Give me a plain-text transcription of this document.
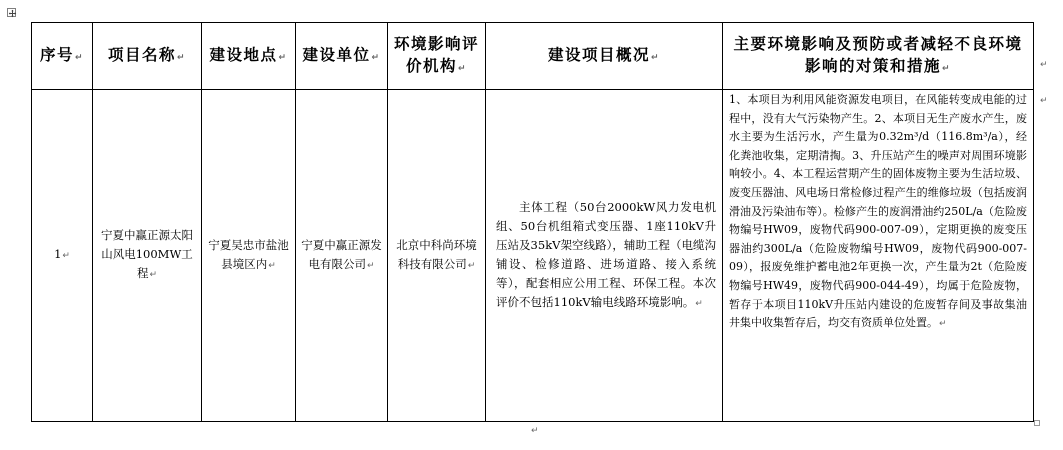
序号↵	项目名称↵	建设地点↵	建设单位↵	环境影响评价机构↵	建设项目概况↵	主要环境影响及预防或者减轻不良环境影响的对策和措施↵
1↵	宁夏中赢正源太阳山风电100MW工程↵	宁夏吴忠市盐池县境区内↵	宁夏中赢正源发电有限公司↵	北京中科尚环境科技有限公司↵	主体工程（50台2000kW风力发电机组、50台机组箱式变压器、1座110kV升压站及35kV架空线路），辅助工程（电缆沟铺设、检修道路、进场道路、接入系统等），配套相应公用工程、环保工程。本次评价不包括110kV输电线路环境影响。↵	1、本项目为利用风能资源发电项目，在风能转变成电能的过程中，没有大气污染物产生。2、本项目无生产废水产生，废水主要为生活污水，产生量为0.32m³/d（116.8m³/a），经化粪池收集，定期清掏。3、升压站产生的噪声对周围环境影响较小。4、本工程运营期产生的固体废物主要为生活垃圾、废变压器油、风电场日常检修过程产生的维修垃圾（包括废润滑油及污染油布等）。检修产生的废润滑油约250L/a（危险废物编号HW09，废物代码900-007-09），定期更换的废变压器油约300L/a（危险废物编号HW09，废物代码900-007-09），报废免维护蓄电池2年更换一次，产生量为2t（危险废物编号HW49，废物代码900-044-49），均属于危险废物，暂存于本项目110kV升压站内建设的危废暂存间及事故集油井集中收集暂存后，均交有资质单位处置。↵
↵
↵
↵
